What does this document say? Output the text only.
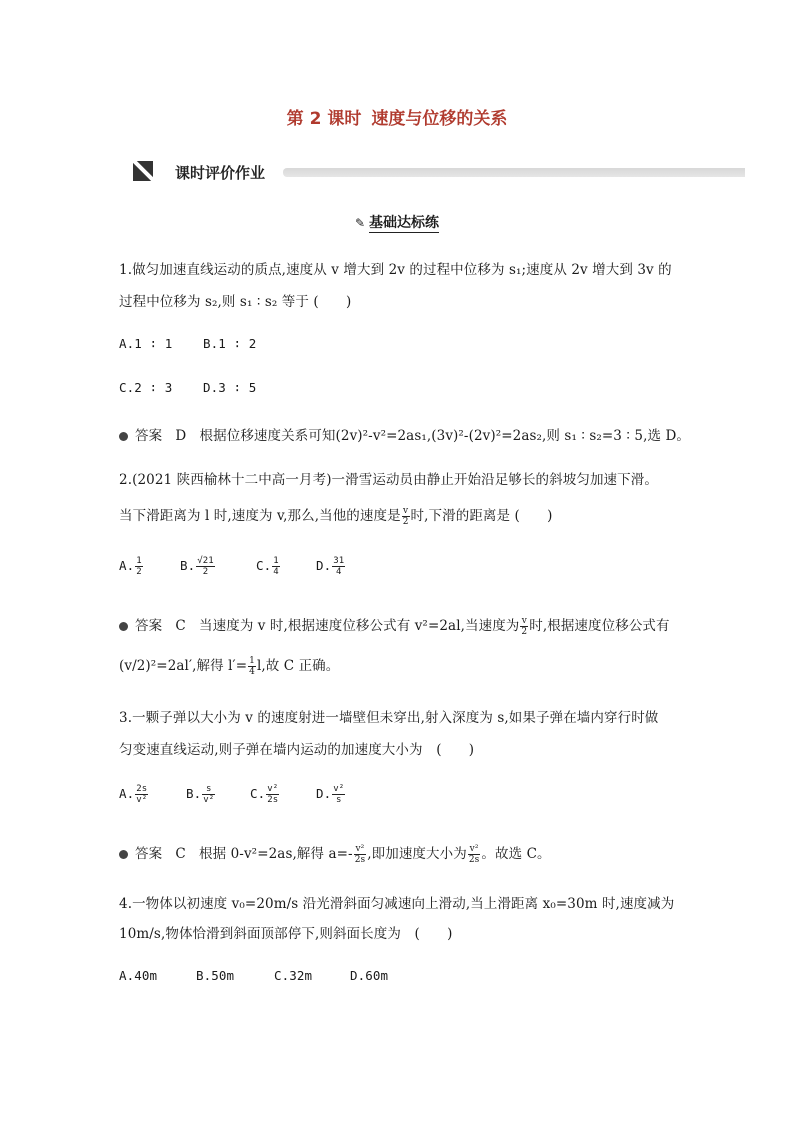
第 2 课时 速度与位移的关系
课时评价作业
✎ 基础达标练
1.做匀加速直线运动的质点,速度从 v 增大到 2v 的过程中位移为 s₁;速度从 2v 增大到 3v 的
过程中位移为 s₂,则 s₁ ∶ s₂ 等于 (　　)
A.1 ∶ 1 B.1 ∶ 2
C.2 ∶ 3 D.3 ∶ 5
答案 D 根据位移速度关系可知(2v)²-v²=2as₁,(3v)²-(2v)²=2as₂,则 s₁ ∶ s₂=3 ∶ 5,选 D。
2.(2021 陕西榆林十二中高一月考)一滑雪运动员由静止开始沿足够长的斜坡匀加速下滑。
当下滑距离为 l 时,速度为 v,那么,当他的速度是 $\frac{v}{2}$ 时,下滑的距离是 (　　)
A. $\frac{1}{2}$	B. $\frac{√21}{2}$	C. $\frac{1}{4}$	D. $\frac{31}{4}$
答案 C 当速度为 v 时,根据速度位移公式有 v²=2al,当速度为 $\frac{v}{2}$ 时,根据速度位移公式有
(v/2)²=2al′,解得 $l'= \frac{1}{4} l$,故 C 正确。
3.一颗子弹以大小为 v 的速度射进一墙壁但未穿出,射入深度为 s,如果子弹在墙内穿行时做
匀变速直线运动,则子弹在墙内运动的加速度大小为　(　　)
A. $\frac{2s}{\text{v²}}$	B. $\frac{s}{\text{v²}}$	C. $\frac{\text{v²}}{2s}$	D. $\frac{\text{v²}}{s}$
答案 C 根据 0-v²=2as,解得 $a=- \frac{\text{v²}}{2s}$ ,即加速度大小为 $\frac{\text{v²}}{2s}$ 。故选 C。
4.一物体以初速度 v₀=20m/s 沿光滑斜面匀减速向上滑动,当上滑距离 x₀=30m 时,速度减为
10m/s,物体恰滑到斜面顶部停下,则斜面长度为　(　　)
A.40m	B.50m	C.32m	D.60m
